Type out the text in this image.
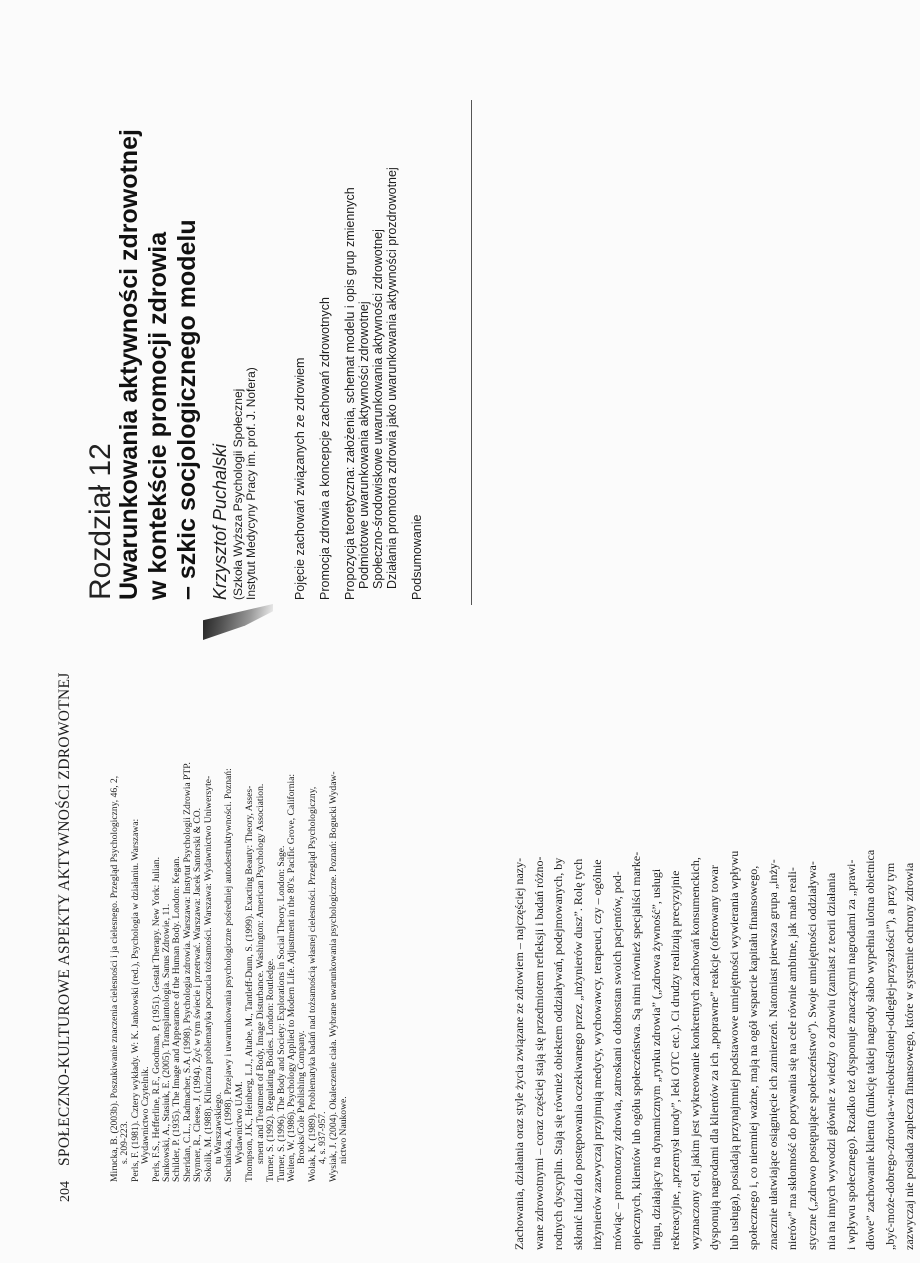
204
SPOŁECZNO-KULTUROWE ASPEKTY AKTYWNOŚCI ZDROWOTNEJ	Mirucka, B. (2003b). Poszukiwanie znaczenia cielesności i ja cielesnego. Przegląd Psychologiczny, 46, 2, s. 209-223. Perls, F. (1981). Cztery wykłady. W: K. Jankowski (red.), Psychologia w działaniu. Warszawa: Wydawnictwo Czytelnik. Perls, F.S., Hefferline, R.F., Goodman, P. (1951). Gestalt Therapy. New York: Julian. Sankowski, A., Stasiuk, E. (2005). Transplantologia. Sanus Zdrowie, 11. Schilder, P. (1935). The Image and Appearance of the Human Body. London: Kegan. Sheridan, C.L., Radmacher, S.A. (1998). Psychologia zdrowia. Warszawa: Instytut Psychologii Zdrowia PTP. Skynner, R., Cleese, J. (1994). Żyć w tym świecie i przetrwać. Warszawa: Jacek Santorski & CO. Sokolik, M. (1988). Kliniczna problematyka poczucia tożsamości. Warszawa: Wydawnictwo Uniwersyte- tu Warszawskiego. Suchańska, A. (1998). Przejawy i uwarunkowania psychologiczne pośredniej autodestruktywności. Poznań: Wydawnictwo UAM. Thompson, J.K., Heinberg, L.J., Altabe, M., Tantleff-Dunn, S. (1999). Exacting Beauty: Theory, Asses- sment and Treatment of Body, Image Disturbance. Washington: American Psychology Association. Turner, S. (1992). Regulating Bodies. London: Routledge. Turner, S. (1996). The Body and Society: Explorations in Social Theory. London: Sage. Weiten, W. (1986). Psychology Applied to Modern Life. Adjustment in the 80's. Pacific Grove, California: Brooks/Cole Publishing Company. Wolak, K. (1989). Problematyka badań nad tożsamością własnej cielesności. Przegląd Psychologiczny, 4, s. 937-957. Wysiak, J. (2004). Okaleczenie ciała. Wybrane uwarunkowania psychologiczne. Poznań: Bogucki Wydaw- nictwo Naukowe.
Rozdział 12
Uwarunkowania aktywności zdrowotnej w kontekście promocji zdrowia – szkic socjologicznego modelu Krzysztof Puchalski (Szkoła Wyższa Psychologii Społecznej Instytut Medycyny Pracy im. prof. J. Nofera)	Pojęcie zachowań związanych ze zdrowiem Promocja zdrowia a koncepcje zachowań zdrowotnych Propozycja teoretyczna: założenia, schemat modelu i opis grup zmiennych Podmiotowe uwarunkowania aktywności zdrowotnej Społeczno-środowiskowe uwarunkowania aktywności zdrowotnej Działania promotora zdrowia jako uwarunkowania aktywności prozdrowotnej Podsumowanie
Zachowania, działania oraz style życia związane ze zdrowiem – najczęściej nazy- wane zdrowotnymi – coraz częściej stają się przedmiotem refleksji i badań różno- rodnych dyscyplin. Stają się również obiektem oddziaływań, podejmowanych, by skłonić ludzi do postępowania oczekiwanego przez „inżynierów dusz”. Rolę tych inżynierów zazwyczaj przyjmują medycy, wychowawcy, terapeuci, czy – ogólnie mówiąc – promotorzy zdrowia, zatroskani o dobrostan swoich pacjentów, pod- opiecznych, klientów lub ogółu społeczeństwa. Są nimi również specjaliści marke- tingu, działający na dynamicznym „rynku zdrowia” („zdrowa żywność”, usługi rekreacyjne, „przemysł urody”, leki OTC etc.). Ci drudzy realizują precyzyjnie wyznaczony cel, jakim jest wykreowanie konkretnych zachowań konsumenckich, dysponują nagrodami dla klientów za ich „poprawne” reakcje (oferowany towar lub usługa), posiadają przynajmniej podstawowe umiejętności wywierania wpływu społecznego i, co niemniej ważne, mają na ogół wsparcie kapitału finansowego, znacznie ułatwiające osiągnięcie ich zamierzeń. Natomiast pierwsza grupa „inży- nierów” ma skłonność do porywania się na cele równie ambitne, jak mało reali- styczne („zdrowo postępujące społeczeństwo”). Swoje umiejętności oddziaływa- nia na innych wywodzi głównie z wiedzy o zdrowiu (zamiast z teorii działania i wpływu społecznego). Rzadko też dysponuje znaczącymi nagrodami za „prawi- dłowe” zachowanie klienta (funkcję takiej nagrody słabo wypełnia ulotna obietnica „być-może-dobrego-zdrowia-w-nieokreślonej-odległej-przyszłości”), a przy tym zazwyczaj nie posiada zaplecza finansowego, które w systemie ochrony zdrowia
